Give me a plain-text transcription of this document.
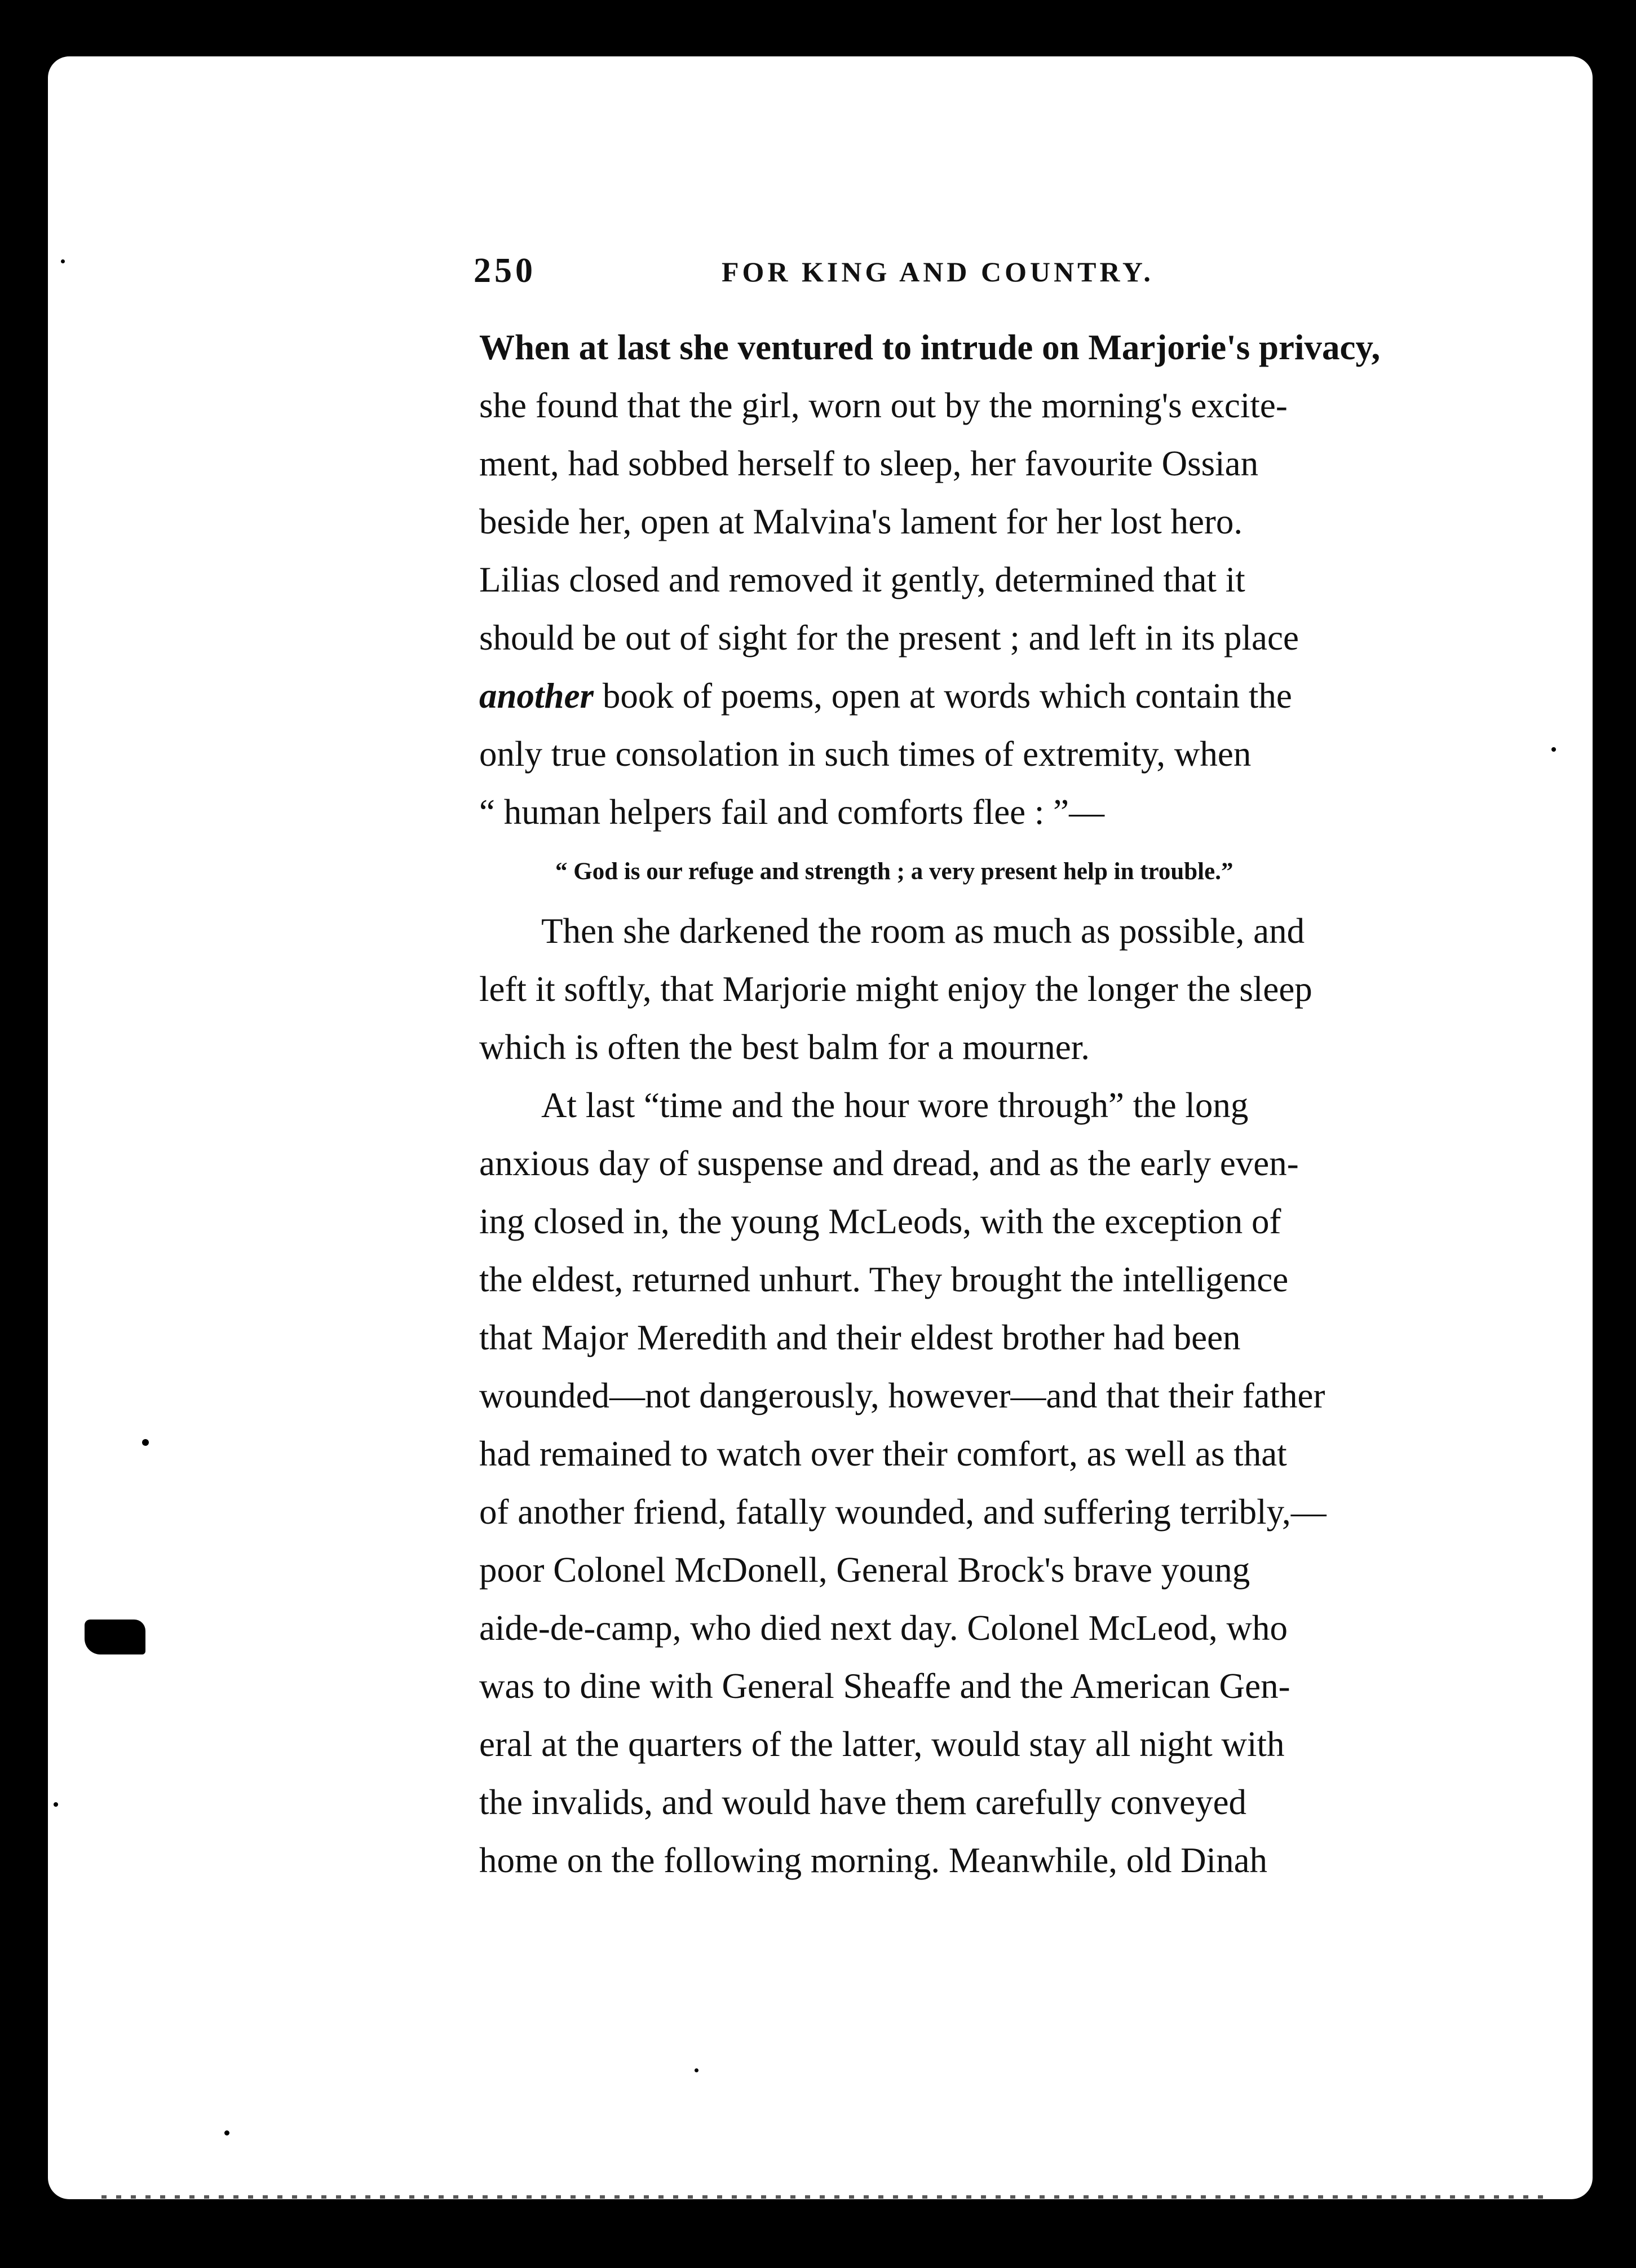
250	FOR KING AND COUNTRY.
When at last she ventured to intrude on Marjorie's privacy,
she found that the girl, worn out by the morning's excite-
ment, had sobbed herself to sleep, her favourite Ossian
beside her, open at Malvina's lament for her lost hero.
Lilias closed and removed it gently, determined that it
should be out of sight for the present ; and left in its place
another book of poems, open at words which contain the
only true consolation in such times of extremity, when
“ human helpers fail and comforts flee : ”—
“ God is our refuge and strength ; a very present help in trouble.”
Then she darkened the room as much as possible, and
left it softly, that Marjorie might enjoy the longer the sleep
which is often the best balm for a mourner.
At last “time and the hour wore through” the long
anxious day of suspense and dread, and as the early even-
ing closed in, the young McLeods, with the exception of
the eldest, returned unhurt. They brought the intelligence
that Major Meredith and their eldest brother had been
wounded—not dangerously, however—and that their father
had remained to watch over their comfort, as well as that
of another friend, fatally wounded, and suffering terribly,—
poor Colonel McDonell, General Brock's brave young
aide-de-camp, who died next day. Colonel McLeod, who
was to dine with General Sheaffe and the American Gen-
eral at the quarters of the latter, would stay all night with
the invalids, and would have them carefully conveyed
home on the following morning. Meanwhile, old Dinah
